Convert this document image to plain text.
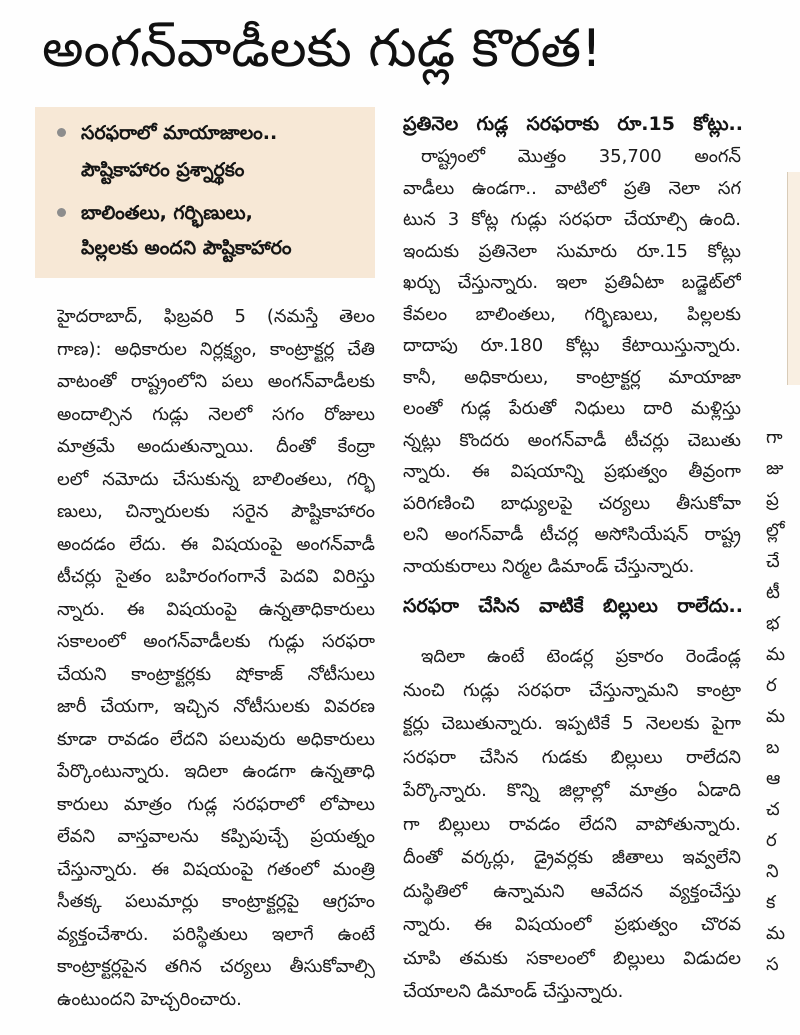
అంగన్‌వాడీలకు గుడ్ల కొరత!
సరఫరాలో మాయాజాలం..
పౌష్టికాహారం ప్రశ్నార్థకం
బాలింతలు, గర్భిణులు,
పిల్లలకు అందని పౌష్టికాహారం
హైదరాబాద్, ఫిబ్రవరి 5 (నమస్తే తెలం
గాణ): అధికారుల నిర్లక్ష్యం, కాంట్రాక్టర్ల చేతి
వాటంతో రాష్ట్రంలోని పలు అంగన్‌వాడీలకు
అందాల్సిన గుడ్లు నెలలో సగం రోజులు
మాత్రమే అందుతున్నాయి. దీంతో కేంద్రా
లలో నమోదు చేసుకున్న బాలింతలు, గర్భి
ణులు, చిన్నారులకు సరైన పౌష్టికాహారం
అందడం లేదు. ఈ విషయంపై అంగన్‌వాడీ
టీచర్లు సైతం బహిరంగంగానే పెదవి విరిస్తు
న్నారు. ఈ విషయంపై ఉన్నతాధికారులు
సకాలంలో అంగన్‌వాడీలకు గుడ్లు సరఫరా
చేయని కాంట్రాక్టర్లకు షోకాజ్ నోటీసులు
జారీ చేయగా, ఇచ్చిన నోటీసులకు వివరణ
కూడా రావడం లేదని పలువురు అధికారులు
పేర్కొంటున్నారు. ఇదిలా ఉండగా ఉన్నతాధి
కారులు మాత్రం గుడ్ల సరఫరాలో లోపాలు
లేవని వాస్తవాలను కప్పిపుచ్చే ప్రయత్నం
చేస్తున్నారు. ఈ విషయంపై గతంలో మంత్రి
సీతక్క పలుమార్లు కాంట్రాక్టర్లపై ఆగ్రహం
వ్యక్తంచేశారు. పరిస్థితులు ఇలాగే ఉంటే
కాంట్రాక్టర్లపైన తగిన చర్యలు తీసుకోవాల్సి
ఉంటుందని హెచ్చరించారు.
ప్రతినెల గుడ్ల సరఫరాకు రూ.15 కోట్లు..
రాష్ట్రంలో మొత్తం 35,700 అంగన్
వాడీలు ఉండగా.. వాటిలో ప్రతి నెలా సగ
టున 3 కోట్ల గుడ్లు సరఫరా చేయాల్సి ఉంది.
ఇందుకు ప్రతినెలా సుమారు రూ.15 కోట్లు
ఖర్చు చేస్తున్నారు. ఇలా ప్రతిఏటా బడ్జెట్‌లో
కేవలం బాలింతలు, గర్భిణులు, పిల్లలకు
దాదాపు రూ.180 కోట్లు కేటాయిస్తున్నారు.
కానీ, అధికారులు, కాంట్రాక్టర్ల మాయాజా
లంతో గుడ్ల పేరుతో నిధులు దారి మళ్లిస్తు
న్నట్లు కొందరు అంగన్‌వాడీ టీచర్లు చెబుతు
న్నారు. ఈ విషయాన్ని ప్రభుత్వం తీవ్రంగా
పరిగణించి బాధ్యులపై చర్యలు తీసుకోవా
లని అంగన్‌వాడీ టీచర్ల అసోసియేషన్ రాష్ట్ర
నాయకురాలు నిర్మల డిమాండ్ చేస్తున్నారు.
సరఫరా చేసిన వాటికే బిల్లులు రాలేదు..
ఇదిలా ఉంటే టెండర్ల ప్రకారం రెండేండ్ల
నుంచి గుడ్లు సరఫరా చేస్తున్నామని కాంట్రా
క్టర్లు చెబుతున్నారు. ఇప్పటికే 5 నెలలకు పైగా
సరఫరా చేసిన గుడకు బిల్లులు రాలేదని
పేర్కొన్నారు. కొన్ని జిల్లాల్లో మాత్రం ఏడాది
గా బిల్లులు రావడం లేదని వాపోతున్నారు.
దీంతో వర్కర్లు, డ్రైవర్లకు జీతాలు ఇవ్వలేని
దుస్థితిలో ఉన్నామని ఆవేదన వ్యక్తంచేస్తు
న్నారు. ఈ విషయంలో ప్రభుత్వం చొరవ
చూపి తమకు సకాలంలో బిల్లులు విడుదల
చేయాలని డిమాండ్ చేస్తున్నారు.
గా
జు
ప్ర
ల్లో
చే
టీ
భ
మ
ర
మ
బ
ఆ
చ
ర
ని
క
మ
స
